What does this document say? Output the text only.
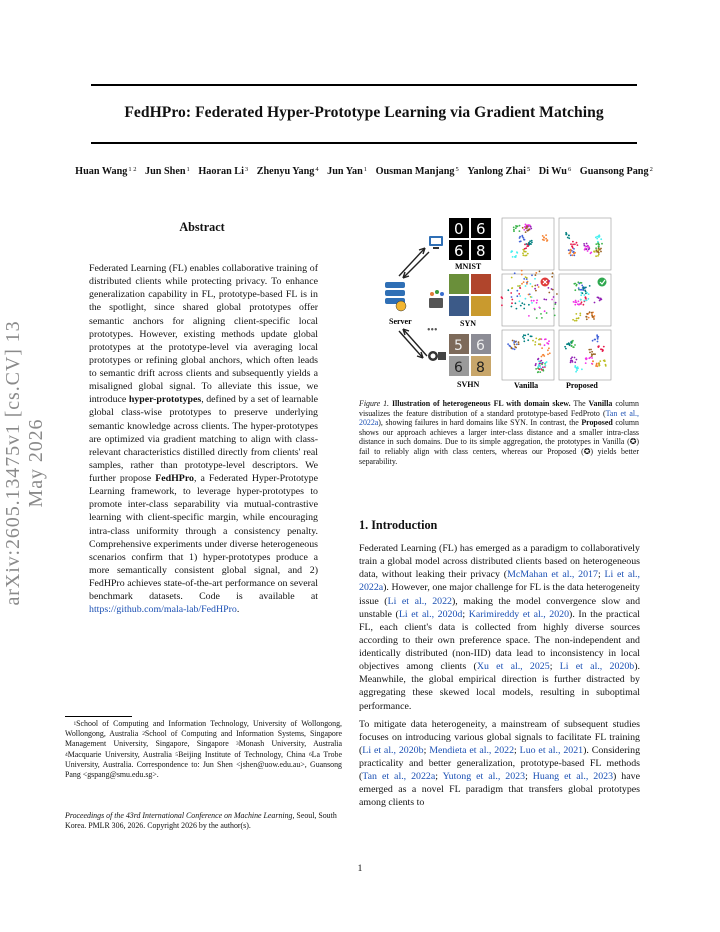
FedHPro: Federated Hyper-Prototype Learning via Gradient Matching
Huan Wang$^{1 2}$ Jun Shen$^1$ Haoran Li$^3$ Zhenyu Yang$^4$ Jun Yan$^1$ Ousman Manjang$^5$ Yanlong Zhai$^5$ Di Wu$^6$ Guansong Pang$^2$
arXiv:2605.13475v1 [cs.CV] 13 May 2026
Abstract
Federated Learning (FL) enables collaborative training of distributed clients while protecting privacy. To enhance generalization capability in FL, prototype-based FL is in the spotlight, since shared global prototypes offer semantic anchors for aligning client-specific local prototypes. However, existing methods update global prototypes at the prototype-level via averaging local prototypes or refining global anchors, which often leads to semantic drift across clients and subsequently yields a misaligned global signal. To alleviate this issue, we introduce hyper-prototypes, defined by a set of learnable global class-wise prototypes to preserve underlying semantic knowledge across clients. The hyper-prototypes are optimized via gradient matching to align with class-relevant characteristics distilled directly from clients' real samples, rather than prototype-level descriptors. We further propose FedHPro, a Federated Hyper-Prototype Learning framework, to leverage hyper-prototypes to promote inter-class separability via mutual-contrastive learning with client-specific margin, while encouraging intra-class uniformity through a consistency penalty. Comprehensive experiments under diverse heterogeneous scenarios confirm that 1) hyper-prototypes produce a more semantically consistent global signal, and 2) FedHPro achieves state-of-the-art performance on several benchmark datasets. Code is available at https://github.com/mala-lab/FedHPro.
$^1$School of Computing and Information Technology, University of Wollongong, Wollongong, Australia $^2$School of Computing and Information Systems, Singapore Management University, Singapore, Singapore $^3$Monash University, Australia $^4$Macquarie University, Australia $^5$Beijing Institute of Technology, China $^6$La Trobe University, Australia. Correspondence to: Jun Shen <jshen@uow.edu.au>, Guansong Pang <gspang@smu.edu.sg>.
Proceedings of the 43rd International Conference on Machine Learning, Seoul, South Korea. PMLR 306, 2026. Copyright 2026 by the author(s).
Server
•••
0 6
6 8
MNIST
SYN
5 6
6 8
SVHN	Vanilla	Proposed
Figure 1. Illustration of heterogeneous FL with domain skew. The Vanilla column visualizes the feature distribution of a standard prototype-based FedProto (Tan et al., 2022a), showing failures in hard domains like SYN. In contrast, the Proposed column shows our approach achieves a larger inter-class distance and a smaller intra-class distance in such domains. Due to its simple aggregation, the prototypes in Vanilla (✪) fail to reliably align with class centers, whereas our Proposed (✪) yields better separability.
1. Introduction

Federated Learning (FL) has emerged as a paradigm to collaboratively train a global model across distributed clients based on heterogeneous data, without leaking their privacy (McMahan et al., 2017; Li et al., 2022a). However, one major challenge for FL is the data heterogeneity issue (Li et al., 2022), making the model convergence slow and unstable (Li et al., 2020d; Karimireddy et al., 2020). In the practical FL, each client's data is collected from highly diverse sources according to their own preference space. The non-independent and identically distributed (non-IID) data lead to inconsistency in local objectives among clients (Xu et al., 2025; Li et al., 2020b). Meanwhile, the global empirical direction is further distracted by aggregating these skewed local models, resulting in suboptimal performance.

To mitigate data heterogeneity, a mainstream of subsequent studies focuses on introducing various global signals to facilitate FL training (Li et al., 2020b; Mendieta et al., 2022; Luo et al., 2021). Considering practicality and better generalization, prototype-based FL methods (Tan et al., 2022a; Yutong et al., 2023; Huang et al., 2023) have emerged as a novel FL paradigm that transfers global prototypes among clients to

1
